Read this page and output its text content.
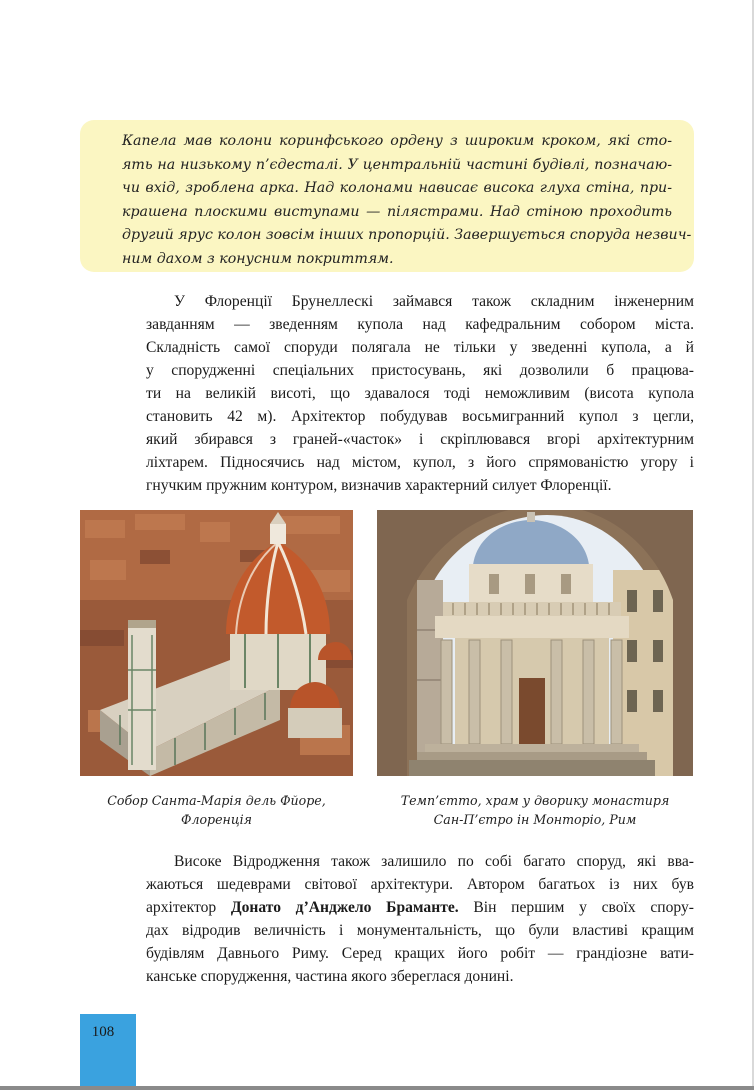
Капела мав колони коринфського ордену з широким кроком, які сто-
ять на низькому п’єдесталі. У центральній частині будівлі, позначаю-
чи вхід, зроблена арка. Над колонами нависає висока глуха стіна, при-
крашена плоскими виступами — пілястрами. Над стіною проходить
другий ярус колон зовсім інших пропорцій. Завершується споруда незвич-
ним дахом з конусним покриттям.
У Флоренції Брунеллескі займався також складним інженерним
завданням — зведенням купола над кафедральним собором міста.
Складність самої споруди полягала не тільки у зведенні купола, а й
у спорудженні спеціальних пристосувань, які дозволили б працюва-
ти на великій висоті, що здавалося тоді неможливим (висота купола
становить 42 м). Архітектор побудував восьмигранний купол з цегли,
який збирався з граней-«часток» і скріплювався вгорі архітектурним
ліхтарем. Підносячись над містом, купол, з його спрямованістю угору і
гнучким пружним контуром, визначив характерний силует Флоренції.
Собор Санта-Марія дель Фйоре,
Флоренція
Темп’єтто, храм у дворику монастиря
Сан-П’єтро ін Монторіо, Рим
Високе Відродження також залишило по собі багато споруд, які вва-
жаються шедеврами світової архітектури. Автором багатьох із них був
архітектор Донато д’Анджело Браманте. Він першим у своїх спору-
дах відродив величність і монументальність, що були властиві кращим
будівлям Давнього Риму. Серед кращих його робіт — грандіозне вати-
канське спорудження, частина якого збереглася донині.
108
